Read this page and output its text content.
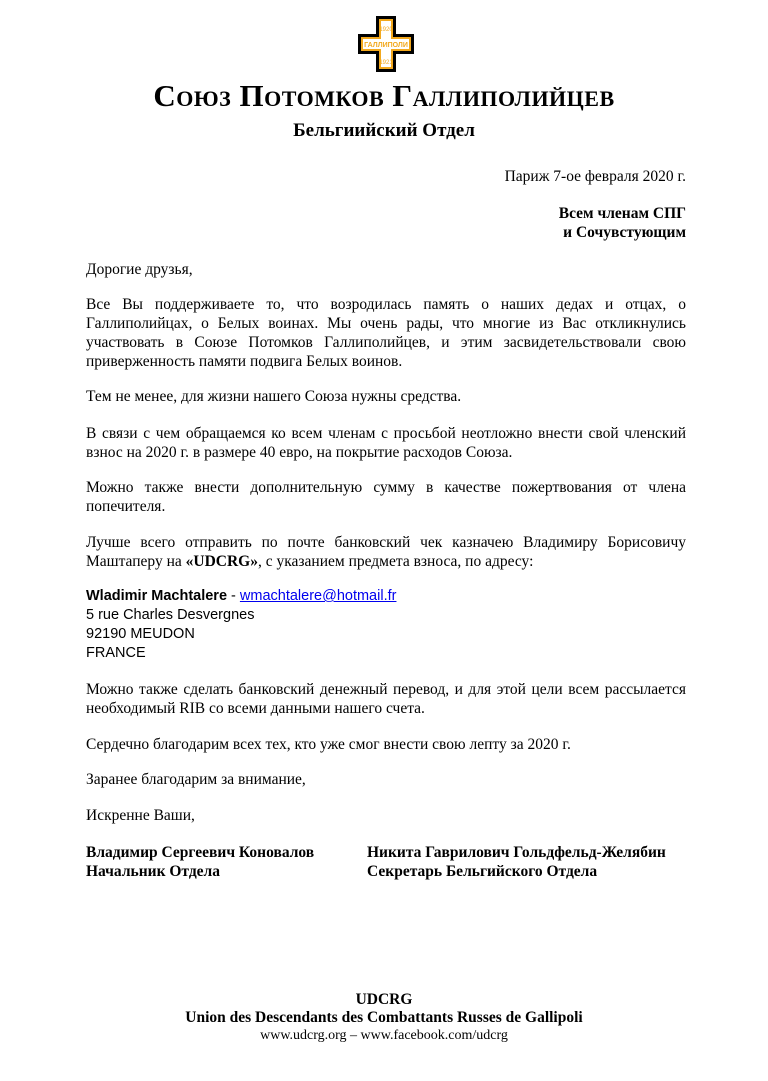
1920
ГАЛЛИПОЛИ
1921
Союз Потомков Галлиполийцев
Бельгиийский Отдел
Париж 7-ое февраля 2020 г.
Всем членам СПГ
и Сочувстующим
Дорогие друзья,
Все Вы поддерживаете то, что возродилась память о наших дедах и отцах, о Галлиполийцах, о Белых воинах. Мы очень рады, что многие из Вас откликнулись участвовать в Союзе Потомков Галлиполийцев, и этим засвидетельствовали свою приверженность памяти подвига Белых воинов.
Тем не менее, для жизни нашего Союза нужны средства.
В связи с чем обращаемся ко всем членам с просьбой неотложно внести свой членский взнос на 2020 г. в размере 40 евро, на покрытие расходов Союза.
Можно также внести дополнительную сумму в качестве пожертвования от члена попечителя.
Лучше всего отправить по почте банковский чек казначею Владимиру Борисовичу Маштаперу на «UDCRG», с указанием предмета взноса, по адресу:
Wladimir Machtalere - wmachtalere@hotmail.fr
5 rue Charles Desvergnes
92190 MEUDON
FRANCE
Можно также сделать банковский денежный перевод, и для этой цели всем рассылается необходимый RIB со всеми данными нашего счета.
Сердечно благодарим всех тех, кто уже смог внести свою лепту за 2020 г.
Заранее благодарим за внимание,
Искренне Ваши,
Владимир Сергеевич Коновалов
Начальник Отдела
Никита Гаврилович Гольдфельд-Желябин
Секретарь Бельгийского Отдела
UDCRG
Union des Descendants des Combattants Russes de Gallipoli
www.udcrg.org – www.facebook.com/udcrg
